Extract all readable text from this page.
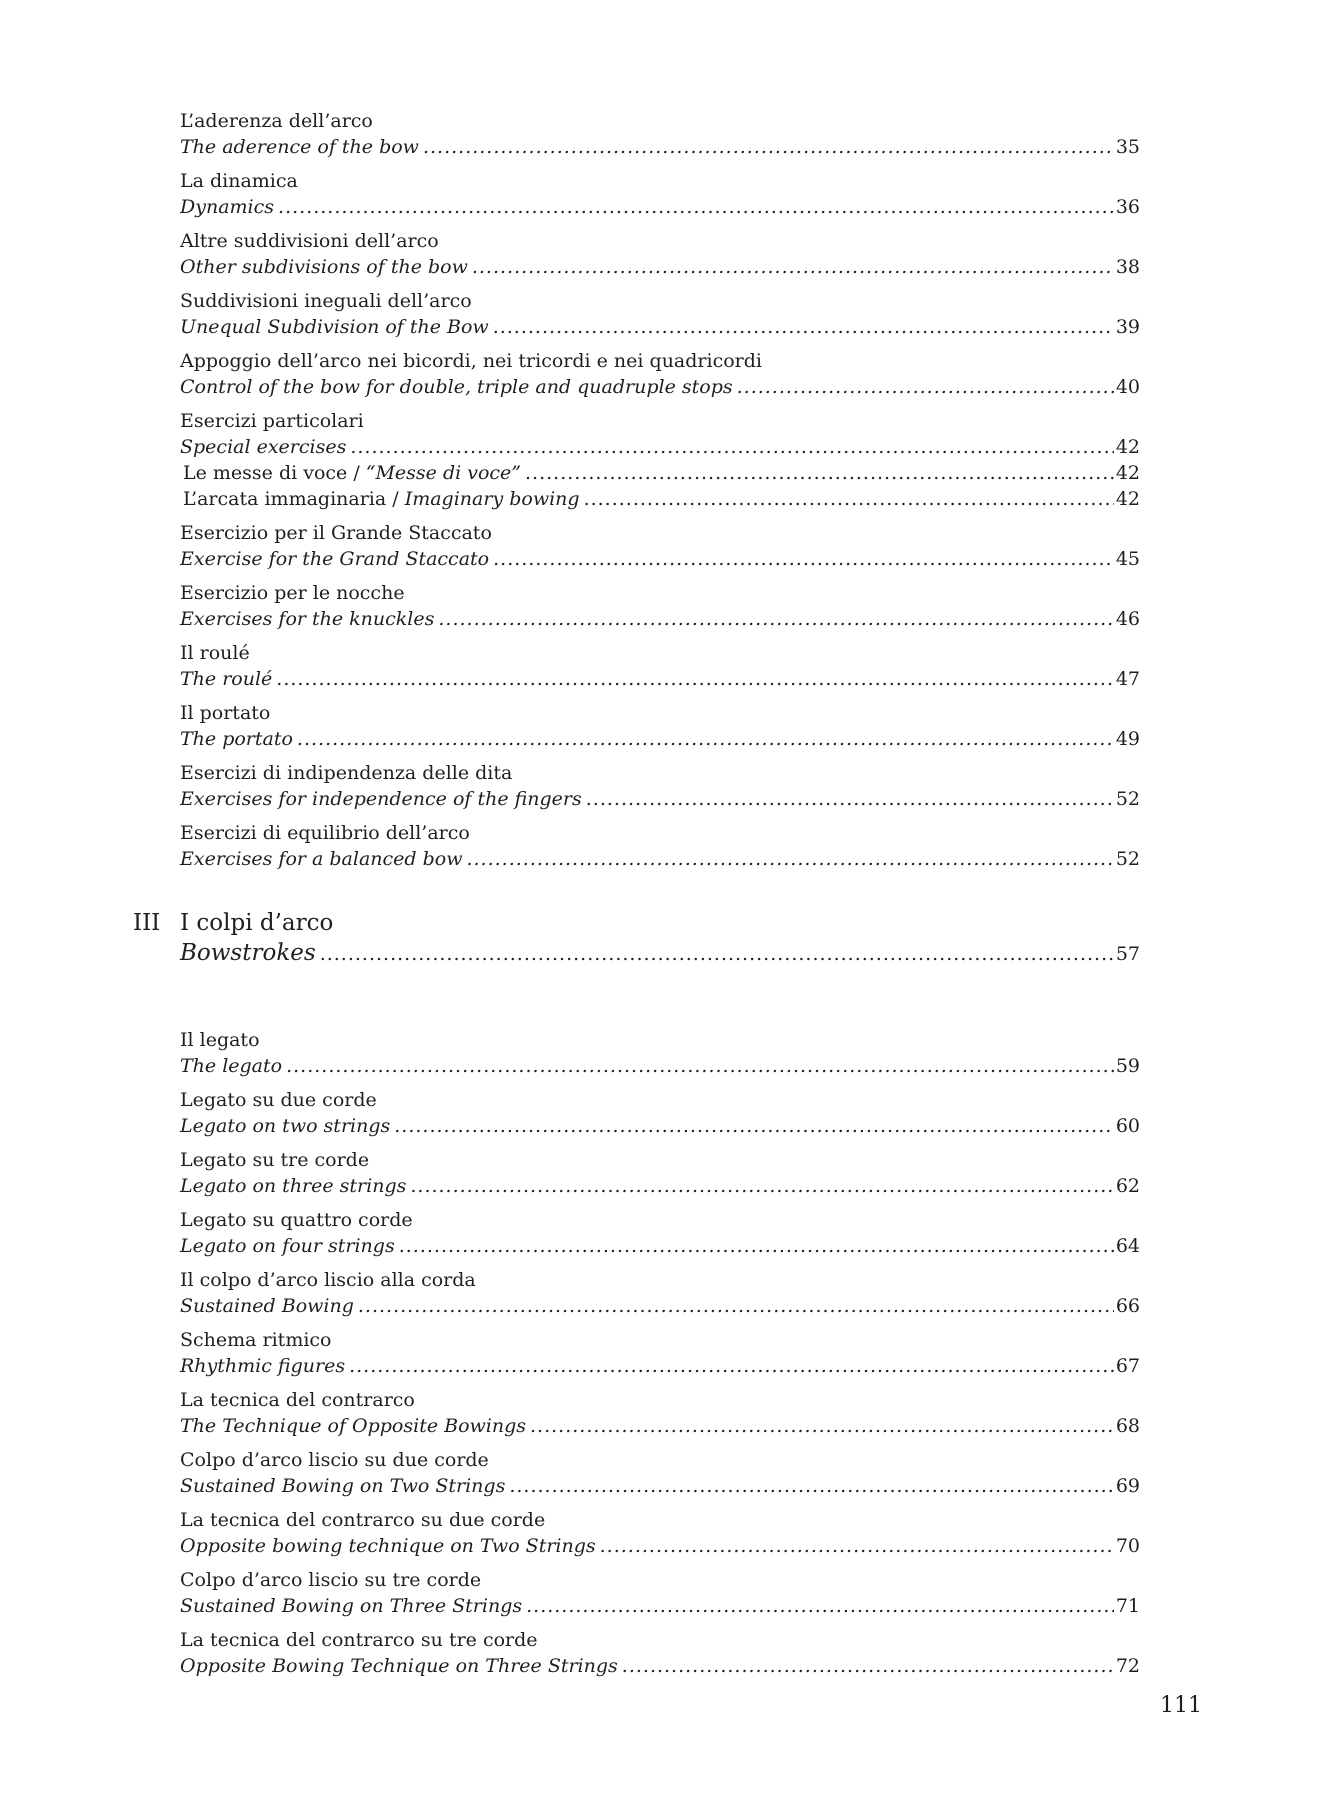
L’aderenza dell’arco
The aderence of the bow .....	35
La dinamica
Dynamics .....	36
Altre suddivisioni dell’arco
Other subdivisions of the bow .....	38
Suddivisioni ineguali dell’arco
Unequal Subdivision of the Bow .....	39
Appoggio dell’arco nei bicordi, nei tricordi e nei quadricordi
Control of the bow for double, triple and quadruple stops .....	40
Esercizi particolari
Special exercises .....	42
Le messe di voce / “Messe di voce” .....	42
L’arcata immaginaria / Imaginary bowing .....	42
Esercizio per il Grande Staccato
Exercise for the Grand Staccato .....	45
Esercizio per le nocche
Exercises for the knuckles .....	46
Il roulé
The roulé .....	47
Il portato
The portato .....	49
Esercizi di indipendenza delle dita
Exercises for independence of the fingers .....	52
Esercizi di equilibrio dell’arco
Exercises for a balanced bow .....	52
III I colpi d’arco
Bowstrokes .....	57
Il legato
The legato .....	59
Legato su due corde
Legato on two strings .....	60
Legato su tre corde
Legato on three strings .....	62
Legato su quattro corde
Legato on four strings .....	64
Il colpo d’arco liscio alla corda
Sustained Bowing .....	66
Schema ritmico
Rhythmic figures .....	67
La tecnica del contrarco
The Technique of Opposite Bowings .....	68
Colpo d’arco liscio su due corde
Sustained Bowing on Two Strings .....	69
La tecnica del contrarco su due corde
Opposite bowing technique on Two Strings .....	70
Colpo d’arco liscio su tre corde
Sustained Bowing on Three Strings .....	71
La tecnica del contrarco su tre corde
Opposite Bowing Technique on Three Strings .....	72
111
